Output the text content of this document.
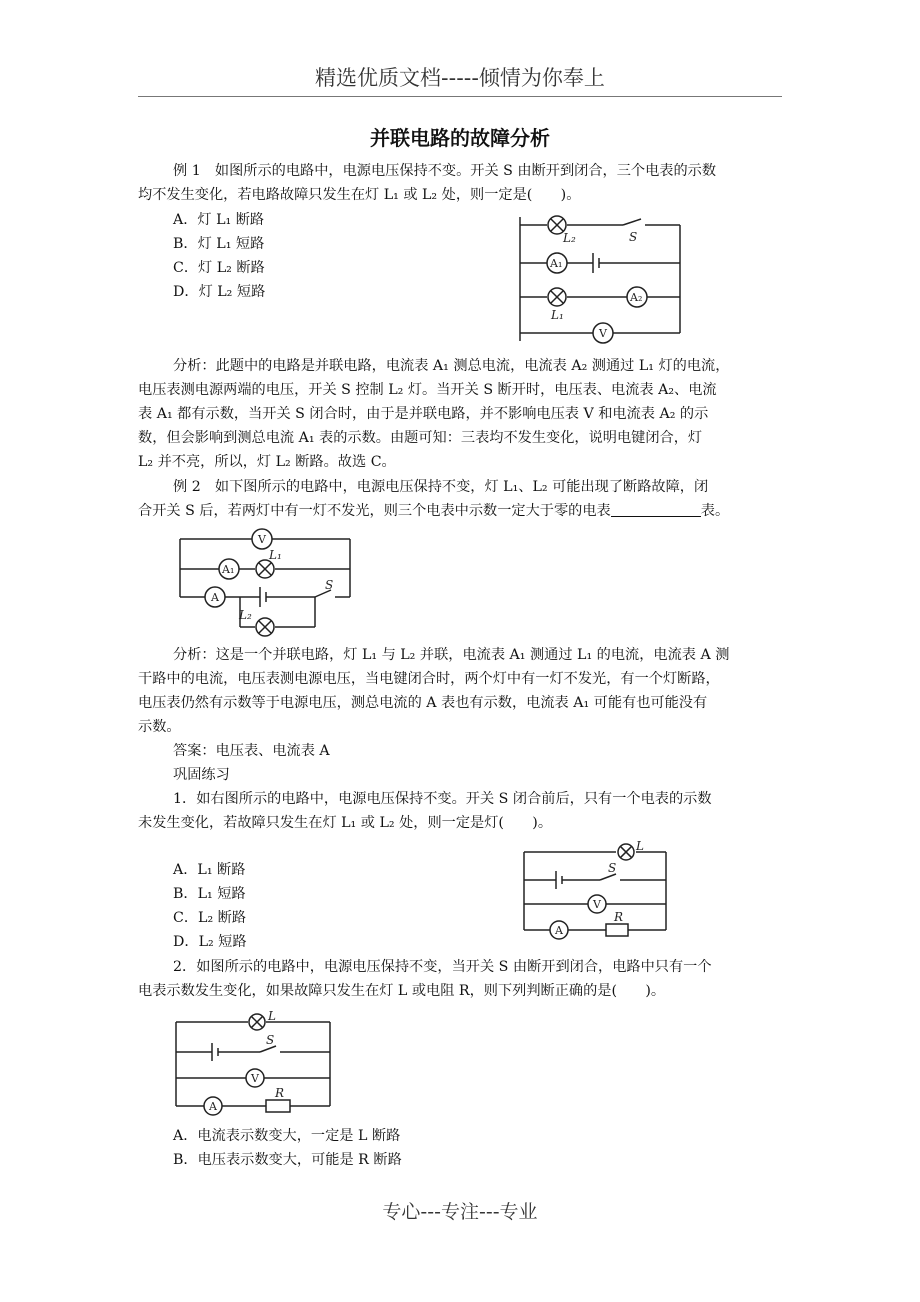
精选优质文档-----倾情为你奉上
并联电路的故障分析
例 1　如图所示的电路中，电源电压保持不变。开关 S 由断开到闭合，三个电表的示数
均不发生变化，若电路故障只发生在灯 L₁ 或 L₂ 处，则一定是(　　)。
A．灯 L₁ 断路
B．灯 L₁ 短路
C．灯 L₂ 断路
D．灯 L₂ 短路
L₂	S
A₁
A₂
L₁
V
分析：此题中的电路是并联电路，电流表 A₁ 测总电流，电流表 A₂ 测通过 L₁ 灯的电流，
电压表测电源两端的电压，开关 S 控制 L₂ 灯。当开关 S 断开时，电压表、电流表 A₂、电流
表 A₁ 都有示数，当开关 S 闭合时，由于是并联电路，并不影响电压表 V 和电流表 A₂ 的示
数，但会影响到测总电流 A₁ 表的示数。由题可知：三表均不发生变化，说明电键闭合，灯
L₂ 并不亮，所以，灯 L₂ 断路。故选 C。
例 2　如下图所示的电路中，电源电压保持不变，灯 L₁、L₂ 可能出现了断路故障，闭
合开关 S 后，若两灯中有一灯不发光，则三个电表中示数一定大于零的电表	表。
V
A₁
L₁
A
S
L₂
分析：这是一个并联电路，灯 L₁ 与 L₂ 并联，电流表 A₁ 测通过 L₁ 的电流，电流表 A 测
干路中的电流，电压表测电源电压，当电键闭合时，两个灯中有一灯不发光，有一个灯断路，
电压表仍然有示数等于电源电压，测总电流的 A 表也有示数，电流表 A₁ 可能有也可能没有
示数。
答案：电压表、电流表 A
巩固练习
1．如右图所示的电路中，电源电压保持不变。开关 S 闭合前后，只有一个电表的示数
未发生变化，若故障只发生在灯 L₁ 或 L₂ 处，则一定是灯(　　)。
A．L₁ 断路
B．L₁ 短路
C．L₂ 断路
D．L₂ 短路
L
S
V
A
R
2．如图所示的电路中，电源电压保持不变，当开关 S 由断开到闭合，电路中只有一个
电表示数发生变化，如果故障只发生在灯 L 或电阻 R，则下列判断正确的是(　　)。
L
S
V
A
R
A．电流表示数变大，一定是 L 断路
B．电压表示数变大，可能是 R 断路
专心---专注---专业
